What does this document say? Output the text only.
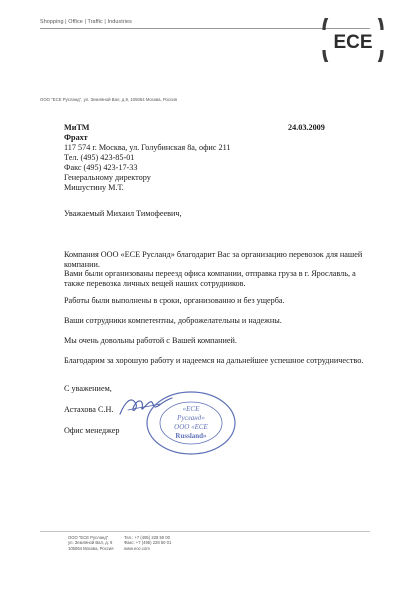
Shopping | Office | Traffic | Industries
ECE
ООО "ECE Русланд", ул. Земляной Вал, д.9, 105064 Москва, Россия
МиТМ
Фрахт
117 574 г. Москва, ул. Голубинская 8а, офис 211
Тел. (495) 423-85-01
Факс (495) 423-17-33
Генеральному директору
Мишустину М.Т.
24.03.2009
Уважаемый Михаил Тимофеевич,
Компания ООО «ECE Русланд» благодарит Вас за организацию перевозок для нашей компании.
Вами были организованы переезд офиса компании, отправка груза в г. Ярославль, а также перевозка личных вещей наших сотрудников.
Работы были выполнены в сроки, организованно и без ущерба.
Ваши сотрудники компетентны, доброжелательны и надежны.
Мы очень довольны работой с Вашей компанией.
Благодарим за хорошую работу и надеемся на дальнейшее успешное сотрудничество.
С уважением,
Астахова С.Н.
Офис менеджер
«ECE
Русланд»
ООО «ECE
Russland»
ООО "ECE Русланд"
ул. Земляной Вал, д. 9
105064 Москва, Россия
Тел.: +7 (495) 228 50 00
Факс: +7 (495) 228 50 01
www.ece.com
